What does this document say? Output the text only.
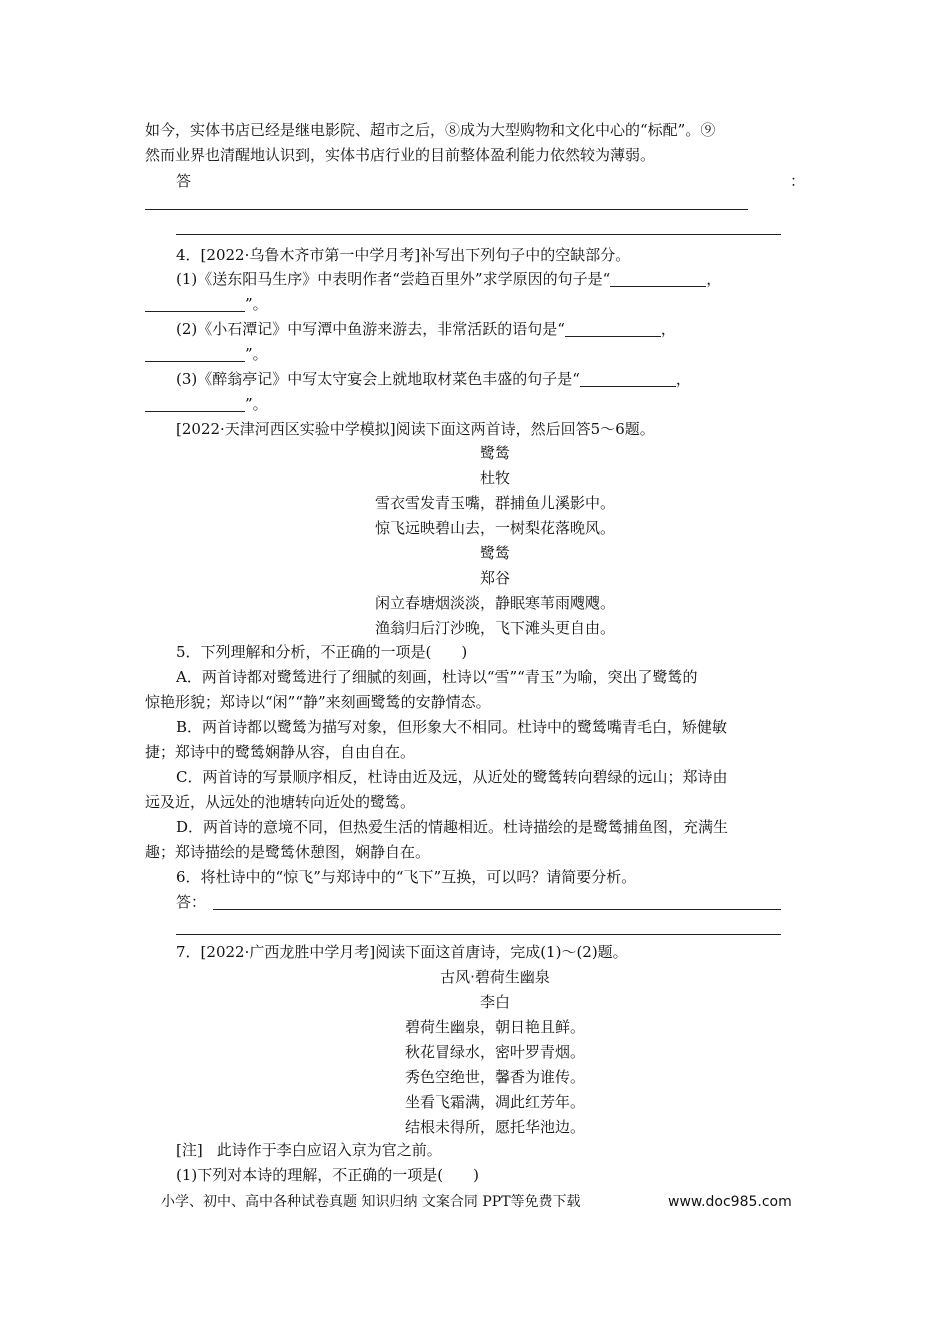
如今，实体书店已经是继电影院、超市之后，⑧成为大型购物和文化中心的“标配”。⑨
然而业界也清醒地认识到，实体书店行业的目前整体盈利能力依然较为薄弱。
答	：
4．[2022·乌鲁木齐市第一中学月考]补写出下列句子中的空缺部分。
(1)《送东阳马生序》中表明作者“尝趋百里外”求学原因的句子是“	，
”。
(2)《小石潭记》中写潭中鱼游来游去，非常活跃的语句是“	，
”。
(3)《醉翁亭记》中写太守宴会上就地取材菜色丰盛的句子是“	，
”。
[2022·天津河西区实验中学模拟]阅读下面这两首诗，然后回答5～6题。
鹭鸶
杜牧
雪衣雪发青玉嘴，群捕鱼儿溪影中。
惊飞远映碧山去，一树梨花落晚风。
鹭鸶
郑谷
闲立春塘烟淡淡，静眠寒苇雨飕飕。
渔翁归后汀沙晚，飞下滩头更自由。
5．下列理解和分析，不正确的一项是(　　)
A．两首诗都对鹭鸶进行了细腻的刻画，杜诗以“雪”“青玉”为喻，突出了鹭鸶的
惊艳形貌；郑诗以“闲”“静”来刻画鹭鸶的安静情态。
B．两首诗都以鹭鸶为描写对象，但形象大不相同。杜诗中的鹭鸶嘴青毛白，矫健敏
捷；郑诗中的鹭鸶娴静从容，自由自在。
C．两首诗的写景顺序相反，杜诗由近及远，从近处的鹭鸶转向碧绿的远山；郑诗由
远及近，从远处的池塘转向近处的鹭鸶。
D．两首诗的意境不同，但热爱生活的情趣相近。杜诗描绘的是鹭鸶捕鱼图，充满生
趣；郑诗描绘的是鹭鸶休憩图，娴静自在。
6．将杜诗中的“惊飞”与郑诗中的“飞下”互换，可以吗？请简要分析。
答：
7．[2022·广西龙胜中学月考]阅读下面这首唐诗，完成(1)～(2)题。
古风·碧荷生幽泉
李白
碧荷生幽泉，朝日艳且鲜。
秋花冒绿水，密叶罗青烟。
秀色空绝世，馨香为谁传。
坐看飞霜满，凋此红芳年。
结根未得所，愿托华池边。
[注] 此诗作于李白应诏入京为官之前。
(1)下列对本诗的理解，不正确的一项是(　　)
小学、初中、高中各种试卷真题 知识归纳 文案合同 PPT等免费下载	www.doc985.com
